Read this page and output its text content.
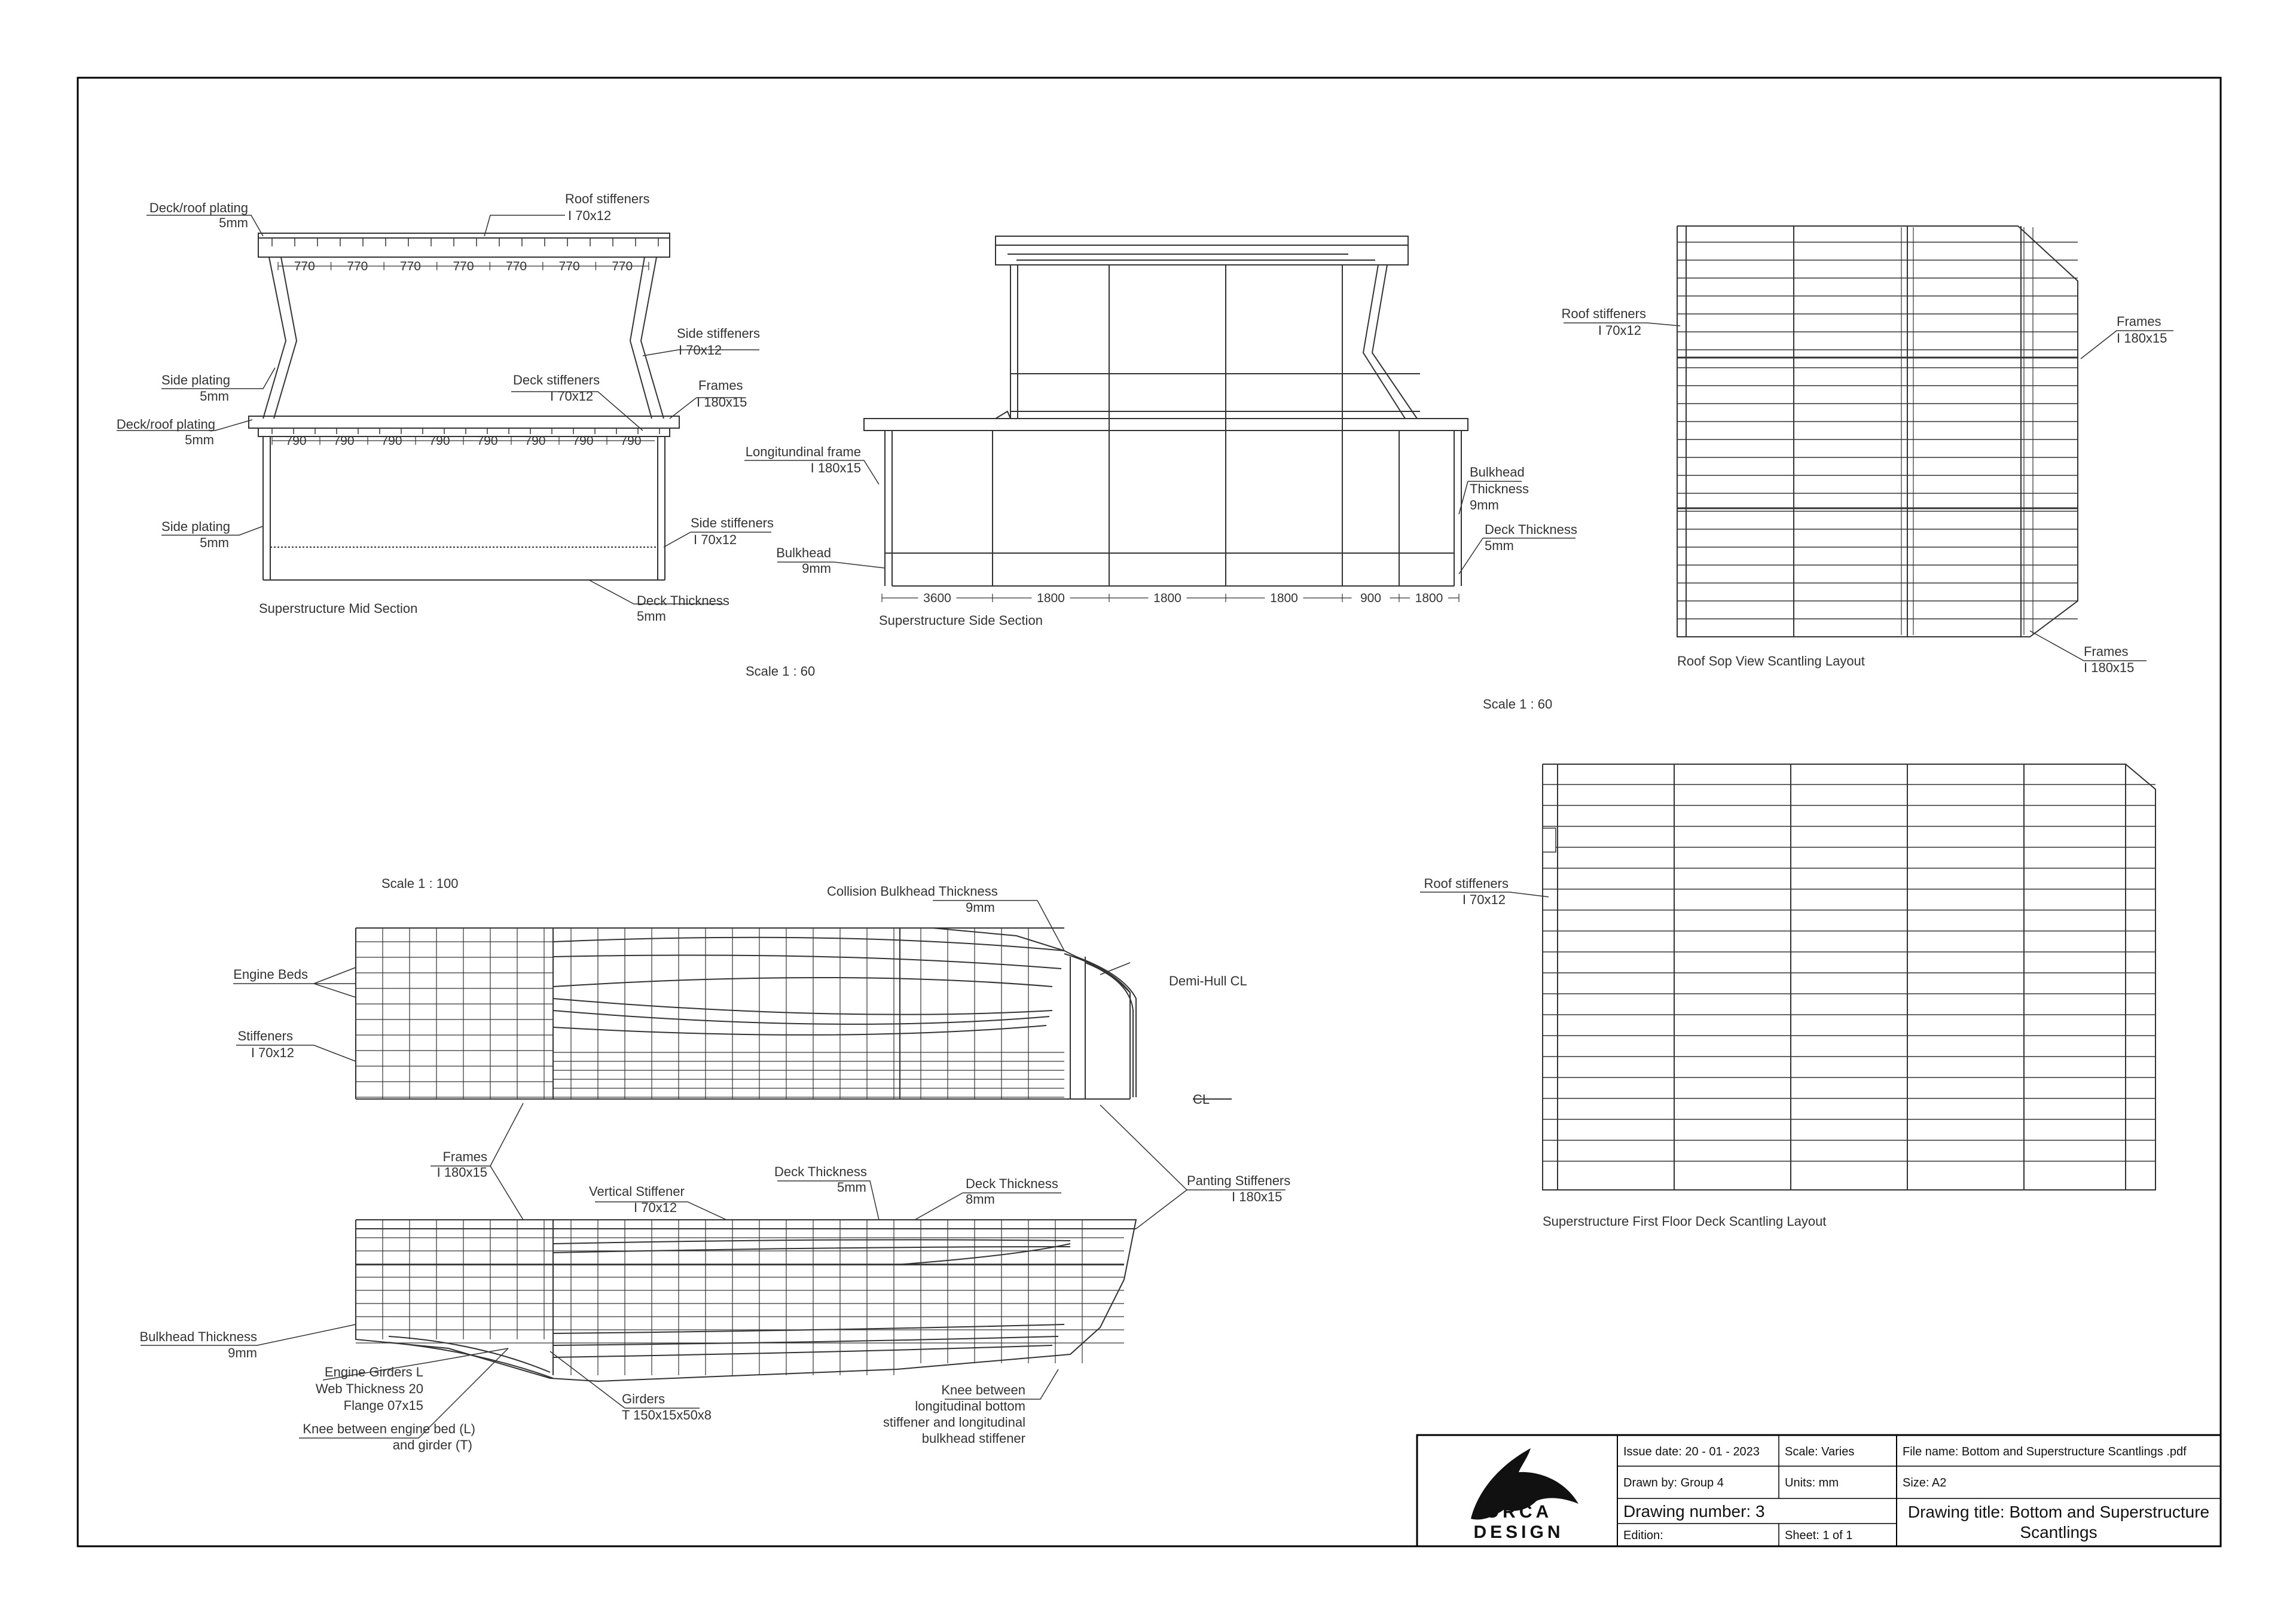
770	770	770	770	770	770	770
790 790 790 790 790 790 790 790
Deck/roof plating
5mm
Roof stiffeners
I 70x12
Side plating
5mm
Side stiffeners
I 70x12
Deck stiffeners
I 70x12
Frames
I 180x15
Deck/roof plating
5mm
Side plating
5mm
Side stiffeners
I 70x12
Deck Thickness
5mm
Superstructure Mid Section
Scale 1 : 60
3600	1800	1800	1800	900	1800
Longitundinal frame
I 180x15
Bulkhead
9mm
Bulkhead
Thickness
9mm
Deck Thickness
5mm
Superstructure Side Section
Roof stiffeners
I 70x12
Frames
I 180x15
Frames
I 180x15
Roof Sop View Scantling Layout
Scale 1 : 60
Roof stiffeners
I 70x12
Superstructure First Floor Deck Scantling Layout
Scale 1 : 100
Collision Bulkhead Thickness
9mm
Demi-Hull CL
Engine Beds
Stiffeners
I 70x12
CL
Frames
I 180x15
Vertical Stiffener
I 70x12
Deck Thickness
5mm	Deck Thickness
8mm
Panting Stiffeners
I 180x15
Bulkhead Thickness
9mm
Engine Girders L
Web Thickness 20
Flange 07x15
Knee between engine bed (L)
and girder (T)
Girders
T 150x15x50x8
Knee between
longitudinal bottom
stiffener and longitudinal
bulkhead stiffener
ORCA
DESIGN
Issue date: 20 - 01 - 2023 Scale: Varies	File name: Bottom and Superstructure Scantlings .pdf
Drawn by: Group 4	Units: mm	Size: A2
Drawing number: 3	Drawing title: Bottom and Superstructure
Scantlings
Edition:	Sheet: 1 of 1
